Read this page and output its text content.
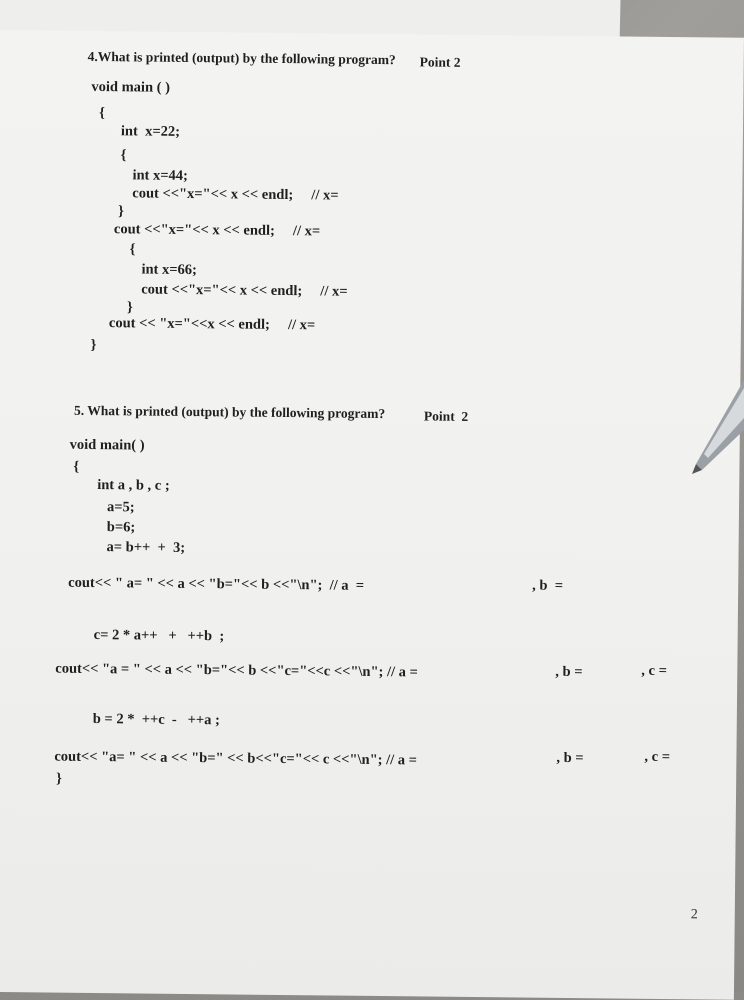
4.What is printed (output) by the following program? Point 2
void main ( )
{
int  x=22;
{
int x=44;
cout <<"x="<< x << endl;     // x=
}
cout <<"x="<< x << endl;     // x=
{
int x=66;
cout <<"x="<< x << endl;     // x=
}
cout << "x="<<x << endl;     // x=
}
5. What is printed (output) by the following program?	Point  2
void main( )
{
int a , b , c ;
a=5;
b=6;
a= b++  +  3;
cout<< " a= " << a << "b="<< b <<"\n";  // a  =	, b  =
c= 2 * a++   +   ++b  ;
cout<< "a = " << a << "b="<< b <<"c="<<c <<"\n"; // a =	, b =	, c =
b = 2 *  ++c  -   ++a ;
cout<< "a= " << a << "b=" << b<<"c="<< c <<"\n"; // a =	, b =	, c =
}
2
